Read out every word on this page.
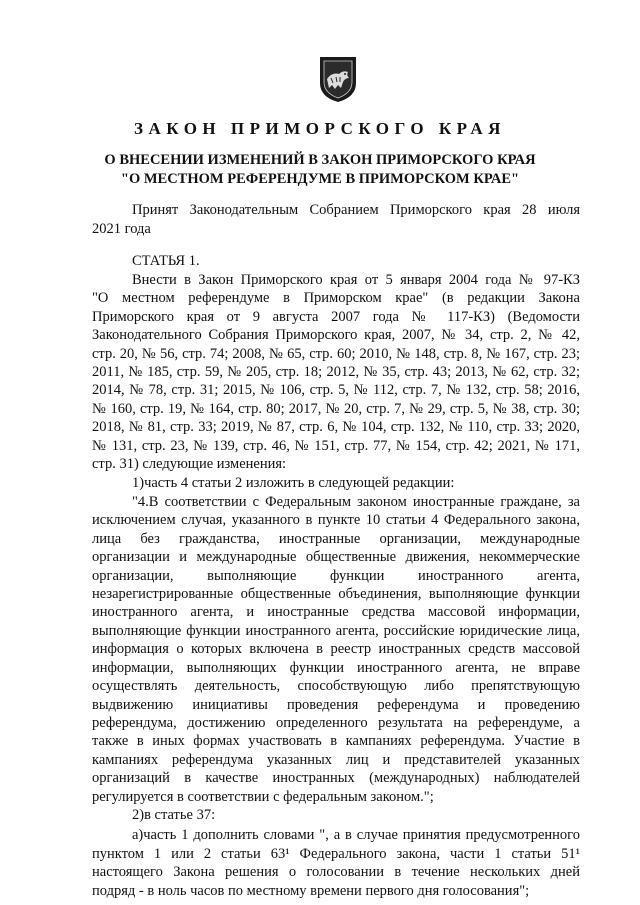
ЗАКОН ПРИМОРСКОГО КРАЯ
О ВНЕСЕНИИ ИЗМЕНЕНИЙ В ЗАКОН ПРИМОРСКОГО КРАЯ
"О МЕСТНОМ РЕФЕРЕНДУМЕ В ПРИМОРСКОМ КРАЕ"
Принят Законодательным Собранием Приморского края 28 июля
2021 года
СТАТЬЯ 1.
Внести в Закон Приморского края от 5 января 2004 года № 97-КЗ
"О местном референдуме в Приморском крае" (в редакции Закона
Приморского края от 9 августа 2007 года № 117-КЗ) (Ведомости
Законодательного Собрания Приморского края, 2007, № 34, стр. 2, № 42,
стр. 20, № 56, стр. 74; 2008, № 65, стр. 60; 2010, № 148, стр. 8, № 167, стр. 23;
2011, № 185, стр. 59, № 205, стр. 18; 2012, № 35, стр. 43; 2013, № 62, стр. 32;
2014, № 78, стр. 31; 2015, № 106, стр. 5, № 112, стр. 7, № 132, стр. 58; 2016,
№ 160, стр. 19, № 164, стр. 80; 2017, № 20, стр. 7, № 29, стр. 5, № 38, стр. 30;
2018, № 81, стр. 33; 2019, № 87, стр. 6, № 104, стр. 132, № 110, стр. 33; 2020,
№ 131, стр. 23, № 139, стр. 46, № 151, стр. 77, № 154, стр. 42; 2021, № 171,
стр. 31) следующие изменения:
1)часть 4 статьи 2 изложить в следующей редакции:
"4.В соответствии с Федеральным законом иностранные граждане, за
исключением случая, указанного в пункте 10 статьи 4 Федерального закона,
лица без гражданства, иностранные организации, международные
организации и международные общественные движения, некоммерческие
организации, выполняющие функции иностранного агента,
незарегистрированные общественные объединения, выполняющие функции
иностранного агента, и иностранные средства массовой информации,
выполняющие функции иностранного агента, российские юридические лица,
информация о которых включена в реестр иностранных средств массовой
информации, выполняющих функции иностранного агента, не вправе
осуществлять деятельность, способствующую либо препятствующую
выдвижению инициативы проведения референдума и проведению
референдума, достижению определенного результата на референдуме, а
также в иных формах участвовать в кампаниях референдума. Участие в
кампаниях референдума указанных лиц и представителей указанных
организаций в качестве иностранных (международных) наблюдателей
регулируется в соответствии с федеральным законом.";
2)в статье 37:
а)часть 1 дополнить словами ", а в случае принятия предусмотренного
пунктом 1 или 2 статьи 63¹ Федерального закона, части 1 статьи 51¹
настоящего Закона решения о голосовании в течение нескольких дней
подряд - в ноль часов по местному времени первого дня голосования";
